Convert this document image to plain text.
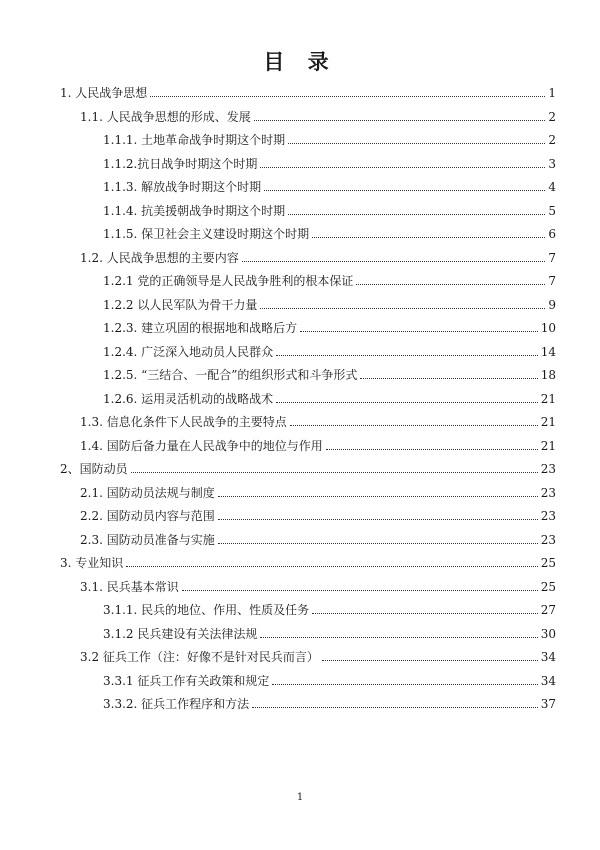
目 录
1. 人民战争思想	1
1.1. 人民战争思想的形成、发展	2
1.1.1. 土地革命战争时期这个时期	2
1.1.2.抗日战争时期这个时期	3
1.1.3. 解放战争时期这个时期	4
1.1.4. 抗美援朝战争时期这个时期	5
1.1.5. 保卫社会主义建设时期这个时期	6
1.2. 人民战争思想的主要内容	7
1.2.1 党的正确领导是人民战争胜利的根本保证	7
1.2.2 以人民军队为骨干力量	9
1.2.3. 建立巩固的根据地和战略后方	10
1.2.4. 广泛深入地动员人民群众	14
1.2.5. “三结合、一配合”的组织形式和斗争形式	18
1.2.6. 运用灵活机动的战略战术	21
1.3. 信息化条件下人民战争的主要特点	21
1.4. 国防后备力量在人民战争中的地位与作用	21
2、国防动员	23
2.1. 国防动员法规与制度	23
2.2. 国防动员内容与范围	23
2.3. 国防动员准备与实施	23
3. 专业知识	25
3.1. 民兵基本常识	25
3.1.1. 民兵的地位、作用、性质及任务	27
3.1.2 民兵建设有关法律法规	30
3.2 征兵工作（注：好像不是针对民兵而言）	34
3.3.1 征兵工作有关政策和规定	34
3.3.2. 征兵工作程序和方法	37
1
